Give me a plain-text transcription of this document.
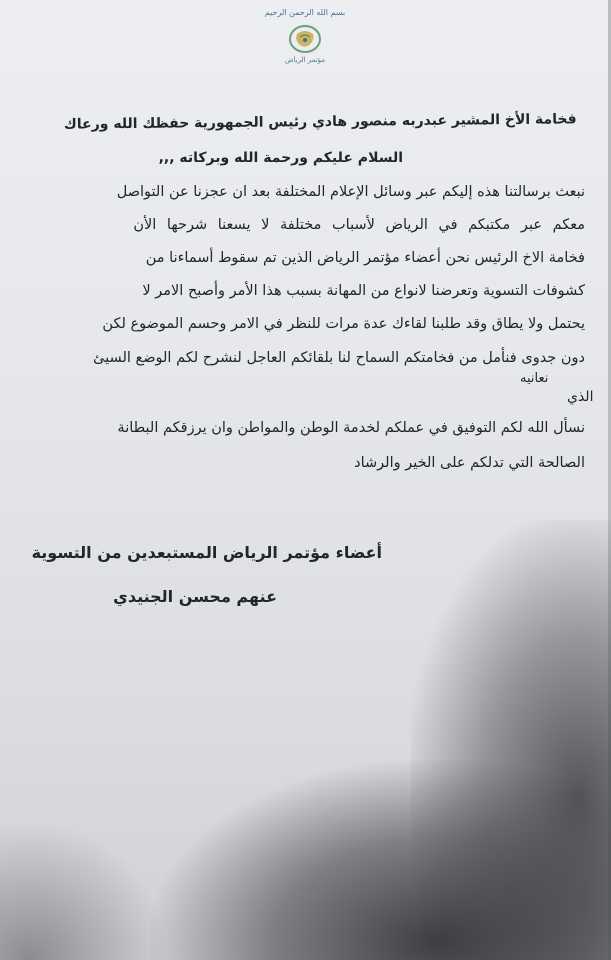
بسم الله الرحمن الرحيم
مؤتمر الرياض
فخامة الأخ المشير عبدربه منصور هادي رئيس الجمهورية حفظك الله ورعاك
السلام عليكم ورحمة الله وبركاته ,,,
نبعث برسالتنا هذه إليكم عبر وسائل الإعلام المختلفة بعد ان عجزنا عن التواصل
معكم عبر مكتبكم في الرياض لأسباب مختلفة لا يسعنا شرحها الأن
فخامة الاخ الرئيس نحن أعضاء مؤتمر الرياض الذين تم سقوط أسماءنا من
كشوفات التسوية وتعرضنا لانواع من المهانة بسبب هذا الأمر وأصبح الامر لا
يحتمل ولا يطاق وقد طلبنا لقاءك عدة مرات للنظر في الامر وحسم الموضوع لكن
دون جدوى فنأمل من فخامتكم السماح لنا بلقائكم العاجل لنشرح لكم الوضع السيئ
نعانيه
الذي
نسأل الله لكم التوفيق في عملكم لخدمة الوطن والمواطن وان يرزقكم البطانة
الصالحة التي تدلكم على الخير والرشاد
أعضاء مؤتمر الرياض المستبعدين من التسوية
عنهم محسن الجنيدي
